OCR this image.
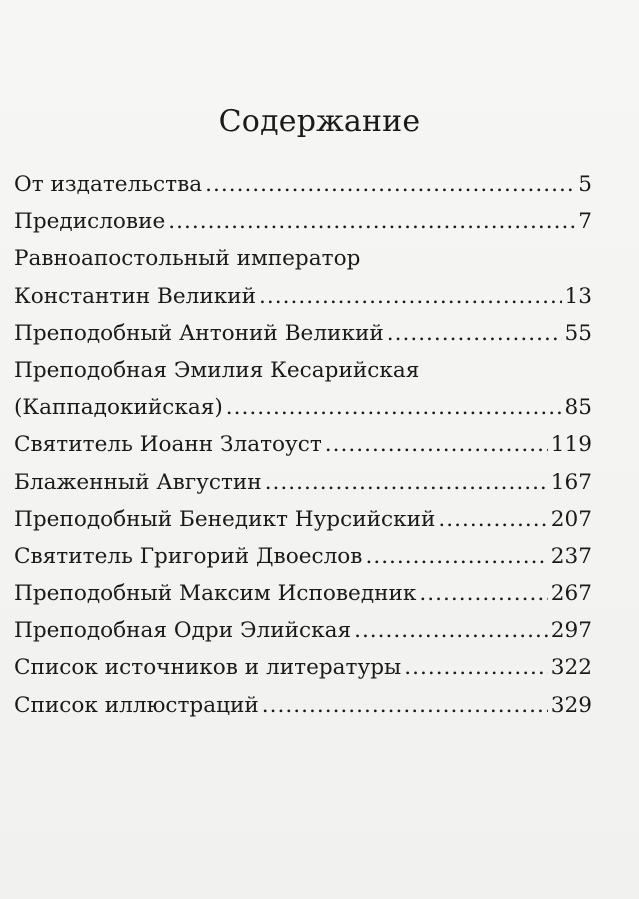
Содержание
От издательства .....	5
Предисловие .....	7
Равноапостольный император
Константин Великий .....	13
Преподобный Антоний Великий .....	55
Преподобная Эмилия Кесарийская
(Каппадокийская) .....	85
Святитель Иоанн Златоуст .....	119
Блаженный Августин .....	167
Преподобный Бенедикт Нурсийский .....	207
Святитель Григорий Двоеслов .....	237
Преподобный Максим Исповедник .....	267
Преподобная Одри Элийская .....	297
Список источников и литературы .....	322
Список иллюстраций .....	329
